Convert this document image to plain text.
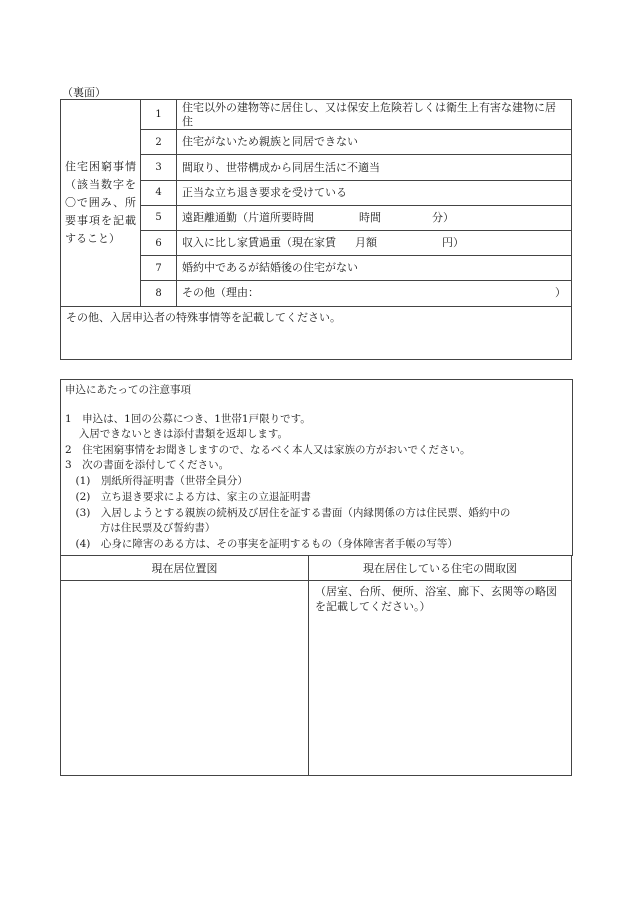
（裏面）
住宅困窮事情（該当数字を〇で囲み、所要事項を記載すること）	1	住宅以外の建物等に居住し、又は保安上危険若しくは衛生上有害な建物に居住
	2	住宅がないため親族と同居できない
	3	間取り、世帯構成から同居生活に不適当
	4	正当な立ち退き要求を受けている
	5	遠距離通勤（片道所要時間 時間 分）
	6	収入に比し家賃過重（現在家賃 月額 円）
	7	婚約中であるが結婚後の住宅がない
	8	その他（理由： ）

その他、入居申込者の特殊事情等を記載してください。		
申込にあたっての注意事項
1　申込は、1回の公募につき、1世帯1戸限りです。
　 入居できないときは添付書類を返却します。
2　住宅困窮事情をお聞きしますので、なるべく本人又は家族の方がおいでください。
3　次の書面を添付してください。
　(1)　別紙所得証明書（世帯全員分）
　(2)　立ち退き要求による方は、家主の立退証明書
　(3)　入居しようとする親族の続柄及び居住を証する書面（内縁関係の方は住民票、婚約中の
　　　 方は住民票及び誓約書）
　(4)　心身に障害のある方は、その事実を証明するもの（身体障害者手帳の写等）
現在居位置図	現在居住している住宅の間取図

	（居室、台所、便所、浴室、廊下、玄関等の略図を記載してください。）
